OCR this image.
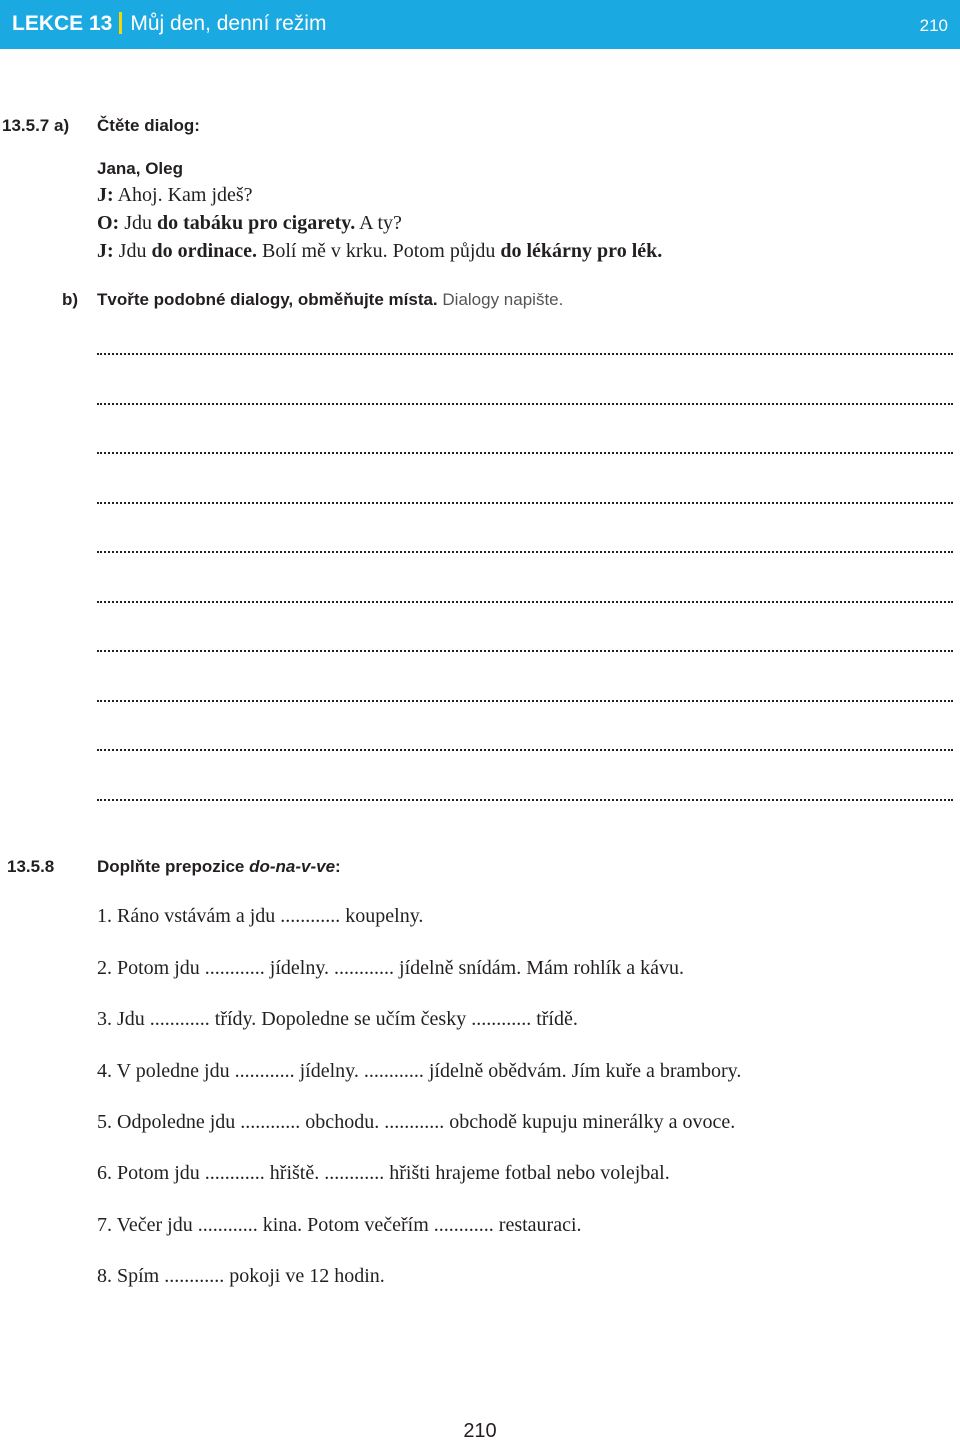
LEKCE 13 Můj den, denní režim	210
13.5.7 a) Čtěte dialog:
Jana, Oleg
J: Ahoj. Kam jdeš?
O: Jdu do tabáku pro cigarety. A ty?
J: Jdu do ordinace. Bolí mě v krku. Potom půjdu do lékárny pro lék.
b) Tvořte podobné dialogy, obměňujte místa. Dialogy napište.
13.5.8	Doplňte prepozice do-na-v-ve:
1. Ráno vstávám a jdu ............ koupelny.
2. Potom jdu ............ jídelny. ............ jídelně snídám. Mám rohlík a kávu.
3. Jdu ............ třídy. Dopoledne se učím česky ............ třídě.
4. V poledne jdu ............ jídelny. ............ jídelně obědvám. Jím kuře a brambory.
5. Odpoledne jdu ............ obchodu. ............ obchodě kupuju minerálky a ovoce.
6. Potom jdu ............ hřiště. ............ hřišti hrajeme fotbal nebo volejbal.
7. Večer jdu ............ kina. Potom večeřím ............ restauraci.
8. Spím ............ pokoji ve 12 hodin.
210
